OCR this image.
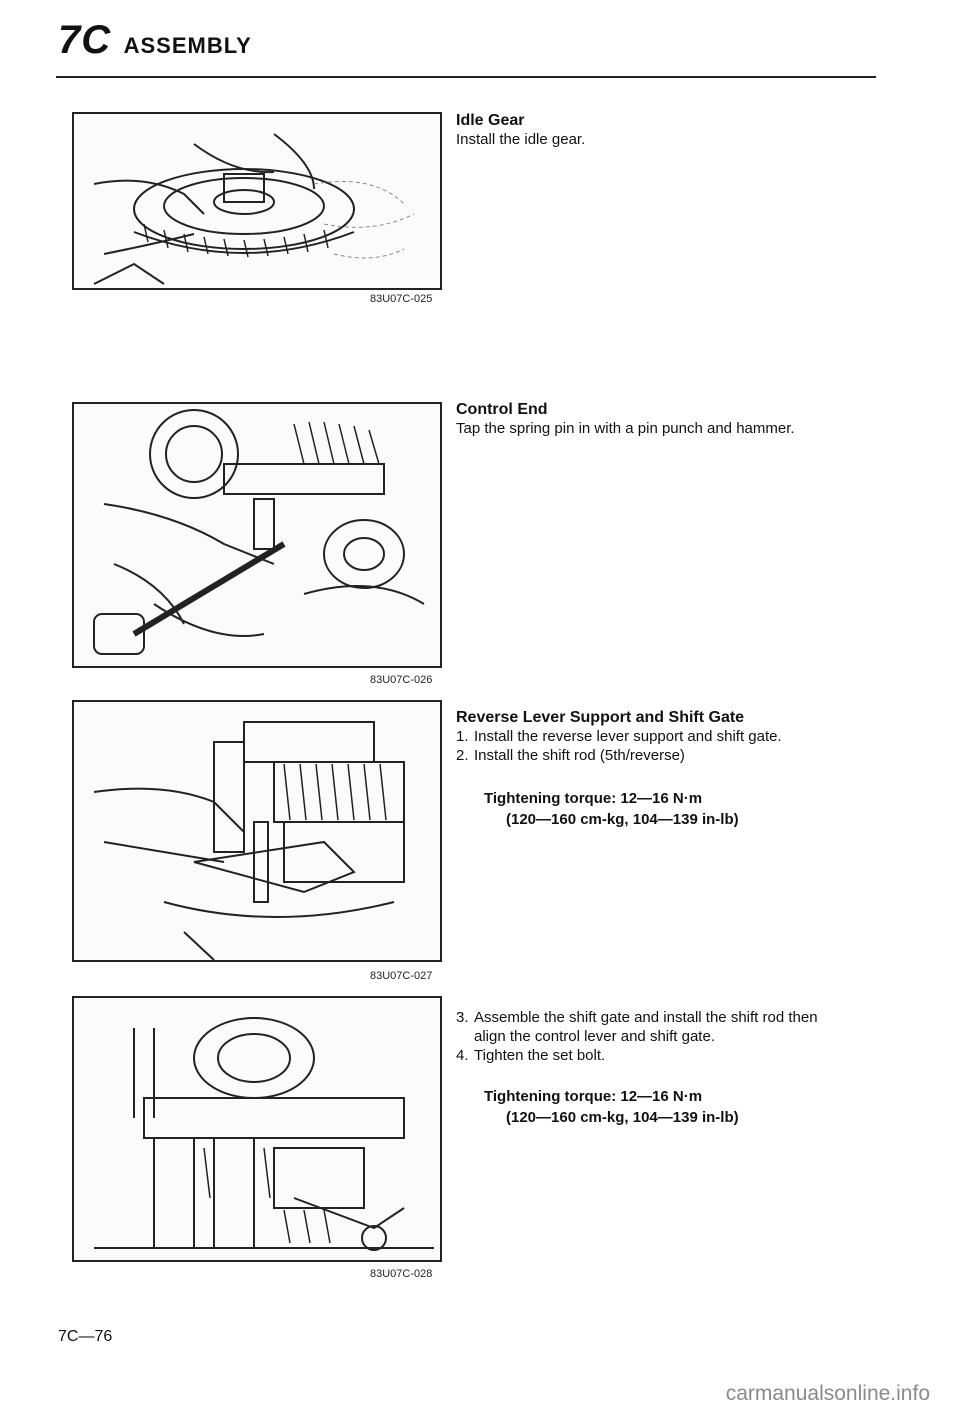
7C ASSEMBLY
83U07C-025
83U07C-026
83U07C-027
83U07C-028
Idle Gear
Install the idle gear.
Control End
Tap the spring pin in with a pin punch and hammer.
Reverse Lever Support and Shift Gate
1. Install the reverse lever support and shift gate.
2. Install the shift rod (5th/reverse)
Tightening torque: 12—16 N·m
(120—160 cm-kg, 104—139 in-lb)
3. Assemble the shift gate and install the shift rod then
align the control lever and shift gate.
4. Tighten the set bolt.
Tightening torque: 12—16 N·m
(120—160 cm-kg, 104—139 in-lb)
7C—76
carmanualsonline.info
